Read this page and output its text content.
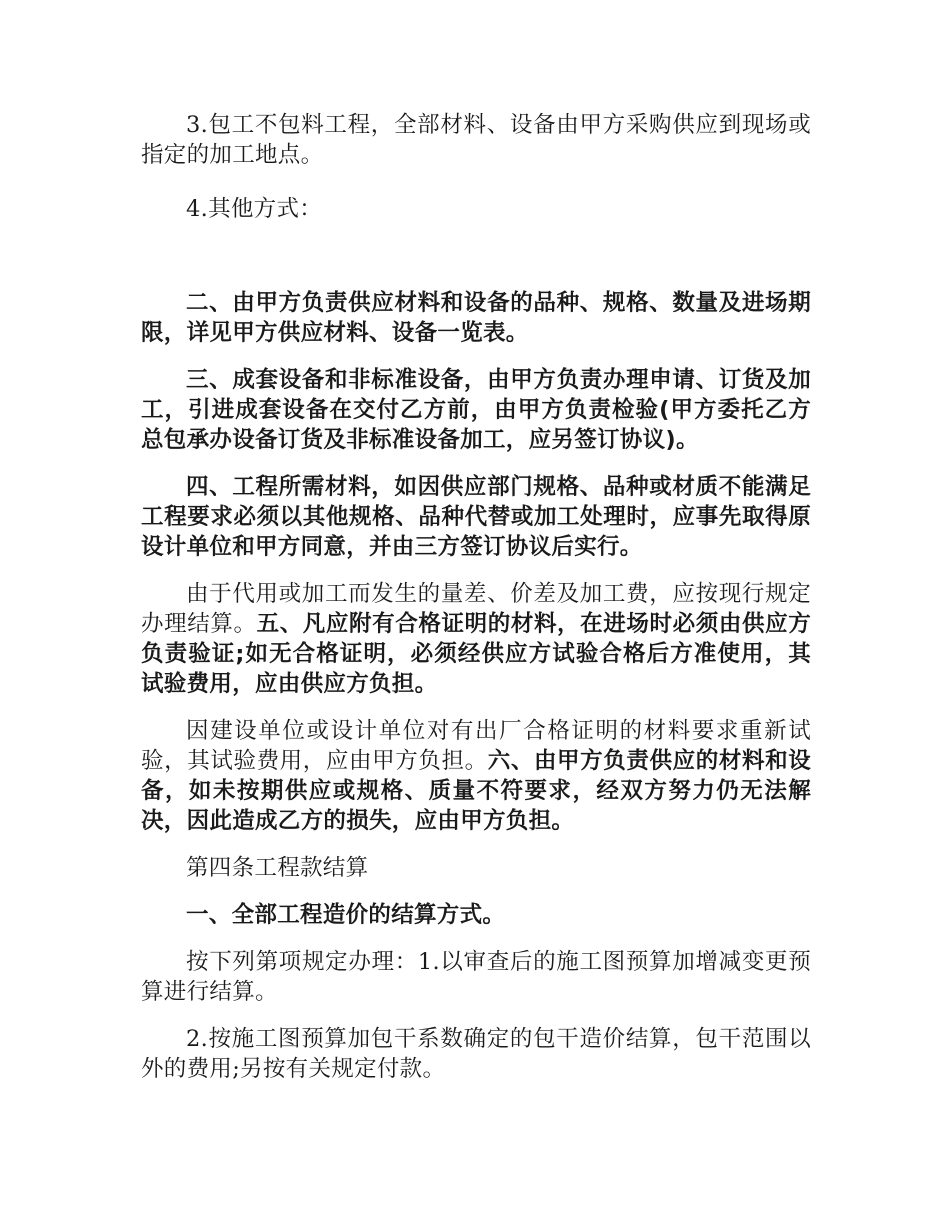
3.包工不包料工程，全部材料、设备由甲方采购供应到现场或指定的加工地点。

4.其他方式：

二、由甲方负责供应材料和设备的品种、规格、数量及进场期限，详见甲方供应材料、设备一览表。

三、成套设备和非标准设备，由甲方负责办理申请、订货及加工，引进成套设备在交付乙方前，由甲方负责检验(甲方委托乙方总包承办设备订货及非标准设备加工，应另签订协议)。

四、工程所需材料，如因供应部门规格、品种或材质不能满足工程要求必须以其他规格、品种代替或加工处理时，应事先取得原设计单位和甲方同意，并由三方签订协议后实行。

由于代用或加工而发生的量差、价差及加工费，应按现行规定办理结算。五、凡应附有合格证明的材料，在进场时必须由供应方负责验证;如无合格证明，必须经供应方试验合格后方准使用，其试验费用，应由供应方负担。

因建设单位或设计单位对有出厂合格证明的材料要求重新试验，其试验费用，应由甲方负担。六、由甲方负责供应的材料和设备，如未按期供应或规格、质量不符要求，经双方努力仍无法解决，因此造成乙方的损失，应由甲方负担。

第四条工程款结算

一、全部工程造价的结算方式。

按下列第项规定办理：1.以审查后的施工图预算加增减变更预算进行结算。

2.按施工图预算加包干系数确定的包干造价结算，包干范围以外的费用;另按有关规定付款。
